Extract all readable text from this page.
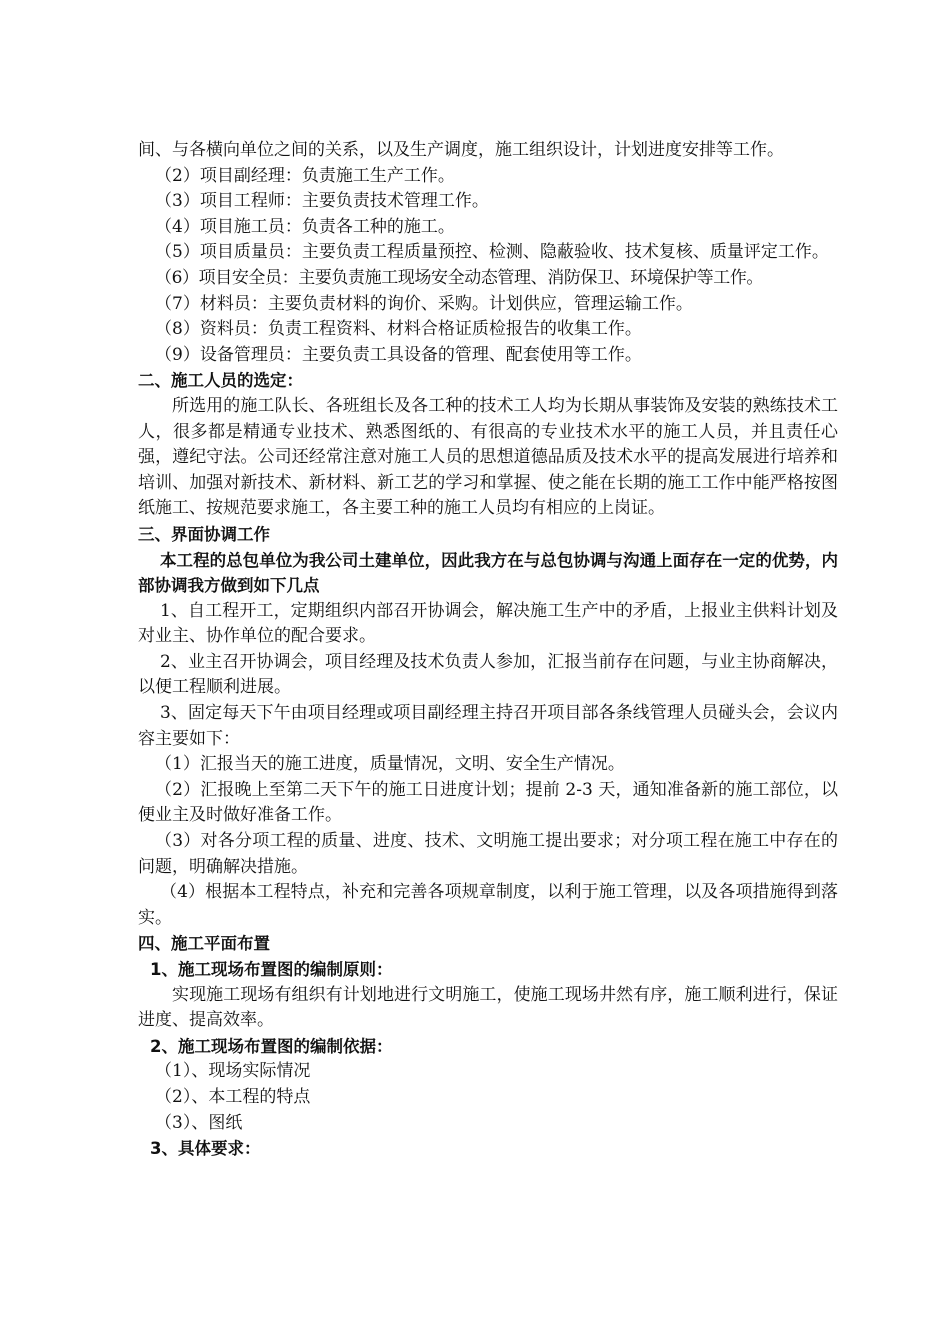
间、与各横向单位之间的关系，以及生产调度，施工组织设计，计划进度安排等工作。

（2）项目副经理：负责施工生产工作。

（3）项目工程师：主要负责技术管理工作。

（4）项目施工员：负责各工种的施工。

（5）项目质量员：主要负责工程质量预控、检测、隐蔽验收、技术复核、质量评定工作。

（6）项目安全员：主要负责施工现场安全动态管理、消防保卫、环境保护等工作。

（7）材料员：主要负责材料的询价、采购。计划供应，管理运输工作。

（8）资料员：负责工程资料、材料合格证质检报告的收集工作。

（9）设备管理员：主要负责工具设备的管理、配套使用等工作。

二、施工人员的选定：

所选用的施工队长、各班组长及各工种的技术工人均为长期从事装饰及安装的熟练技术工人，很多都是精通专业技术、熟悉图纸的、有很高的专业技术水平的施工人员，并且责任心强，遵纪守法。公司还经常注意对施工人员的思想道德品质及技术水平的提高发展进行培养和培训、加强对新技术、新材料、新工艺的学习和掌握、使之能在长期的施工工作中能严格按图纸施工、按规范要求施工，各主要工种的施工人员均有相应的上岗证。

三、界面协调工作

本工程的总包单位为我公司土建单位，因此我方在与总包协调与沟通上面存在一定的优势，内部协调我方做到如下几点

1、自工程开工，定期组织内部召开协调会，解决施工生产中的矛盾，上报业主供料计划及对业主、协作单位的配合要求。

2、业主召开协调会，项目经理及技术负责人参加，汇报当前存在问题，与业主协商解决，以便工程顺利进展。

3、固定每天下午由项目经理或项目副经理主持召开项目部各条线管理人员碰头会，会议内容主要如下：

（1）汇报当天的施工进度，质量情况，文明、安全生产情况。

（2）汇报晚上至第二天下午的施工日进度计划；提前 2-3 天，通知准备新的施工部位，以便业主及时做好准备工作。

（3）对各分项工程的质量、进度、技术、文明施工提出要求；对分项工程在施工中存在的问题，明确解决措施。

（4）根据本工程特点，补充和完善各项规章制度，以利于施工管理，以及各项措施得到落实。

四、施工平面布置

1、施工现场布置图的编制原则：

实现施工现场有组织有计划地进行文明施工，使施工现场井然有序，施工顺利进行，保证进度、提高效率。

2、施工现场布置图的编制依据：

（1）、现场实际情况

（2）、本工程的特点

（3）、图纸

3、具体要求：
